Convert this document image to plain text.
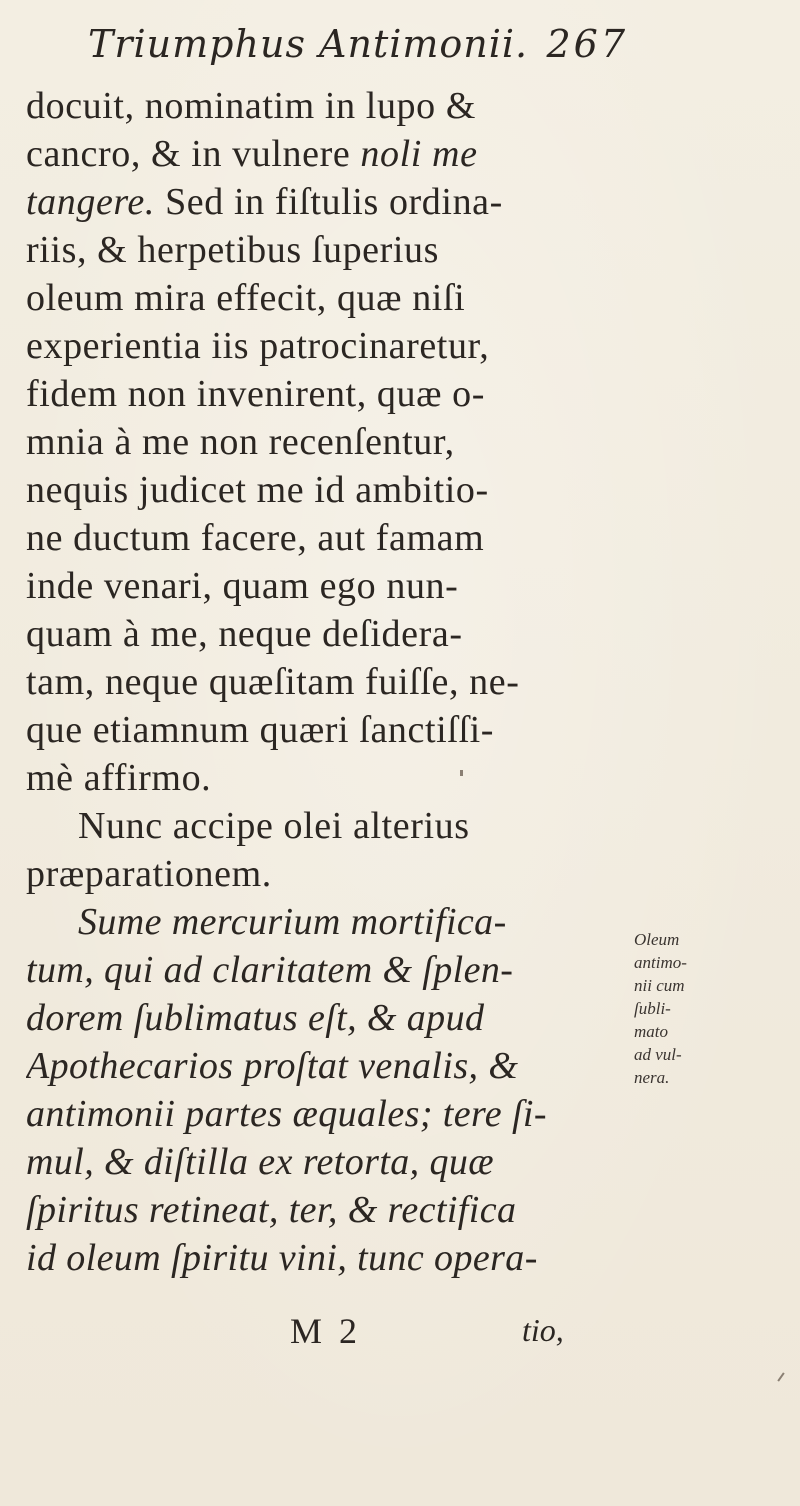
Triumphus Antimonii. 267
docuit, nominatim in lupo &
cancro, & in vulnere noli me
tangere. Sed in fiſtulis ordina-
riis, & herpetibus ſuperius
oleum mira effecit, quæ niſi
experientia iis patrocinaretur,
fidem non invenirent, quæ o-
mnia à me non recenſentur,
nequis judicet me id ambitio-
ne ductum facere, aut famam
inde venari, quam ego nun-
quam à me, neque deſidera-
tam, neque quæſitam fuiſſe, ne-
que etiamnum quæri ſanctiſſi-
mè affirmo.
Nunc accipe olei alterius
præparationem.
Sume mercurium mortifica-
tum, qui ad claritatem & ſplen-
dorem ſublimatus eſt, & apud
Apothecarios proſtat venalis, &
antimonii partes æquales; tere ſi-
mul, & diſtilla ex retorta, quæ
ſpiritus retineat, ter, & rectifica
id oleum ſpiritu vini, tunc opera-
Oleum
antimo-
nii cum
ſubli-
mato
ad vul-
nera.
M 2	tio,
